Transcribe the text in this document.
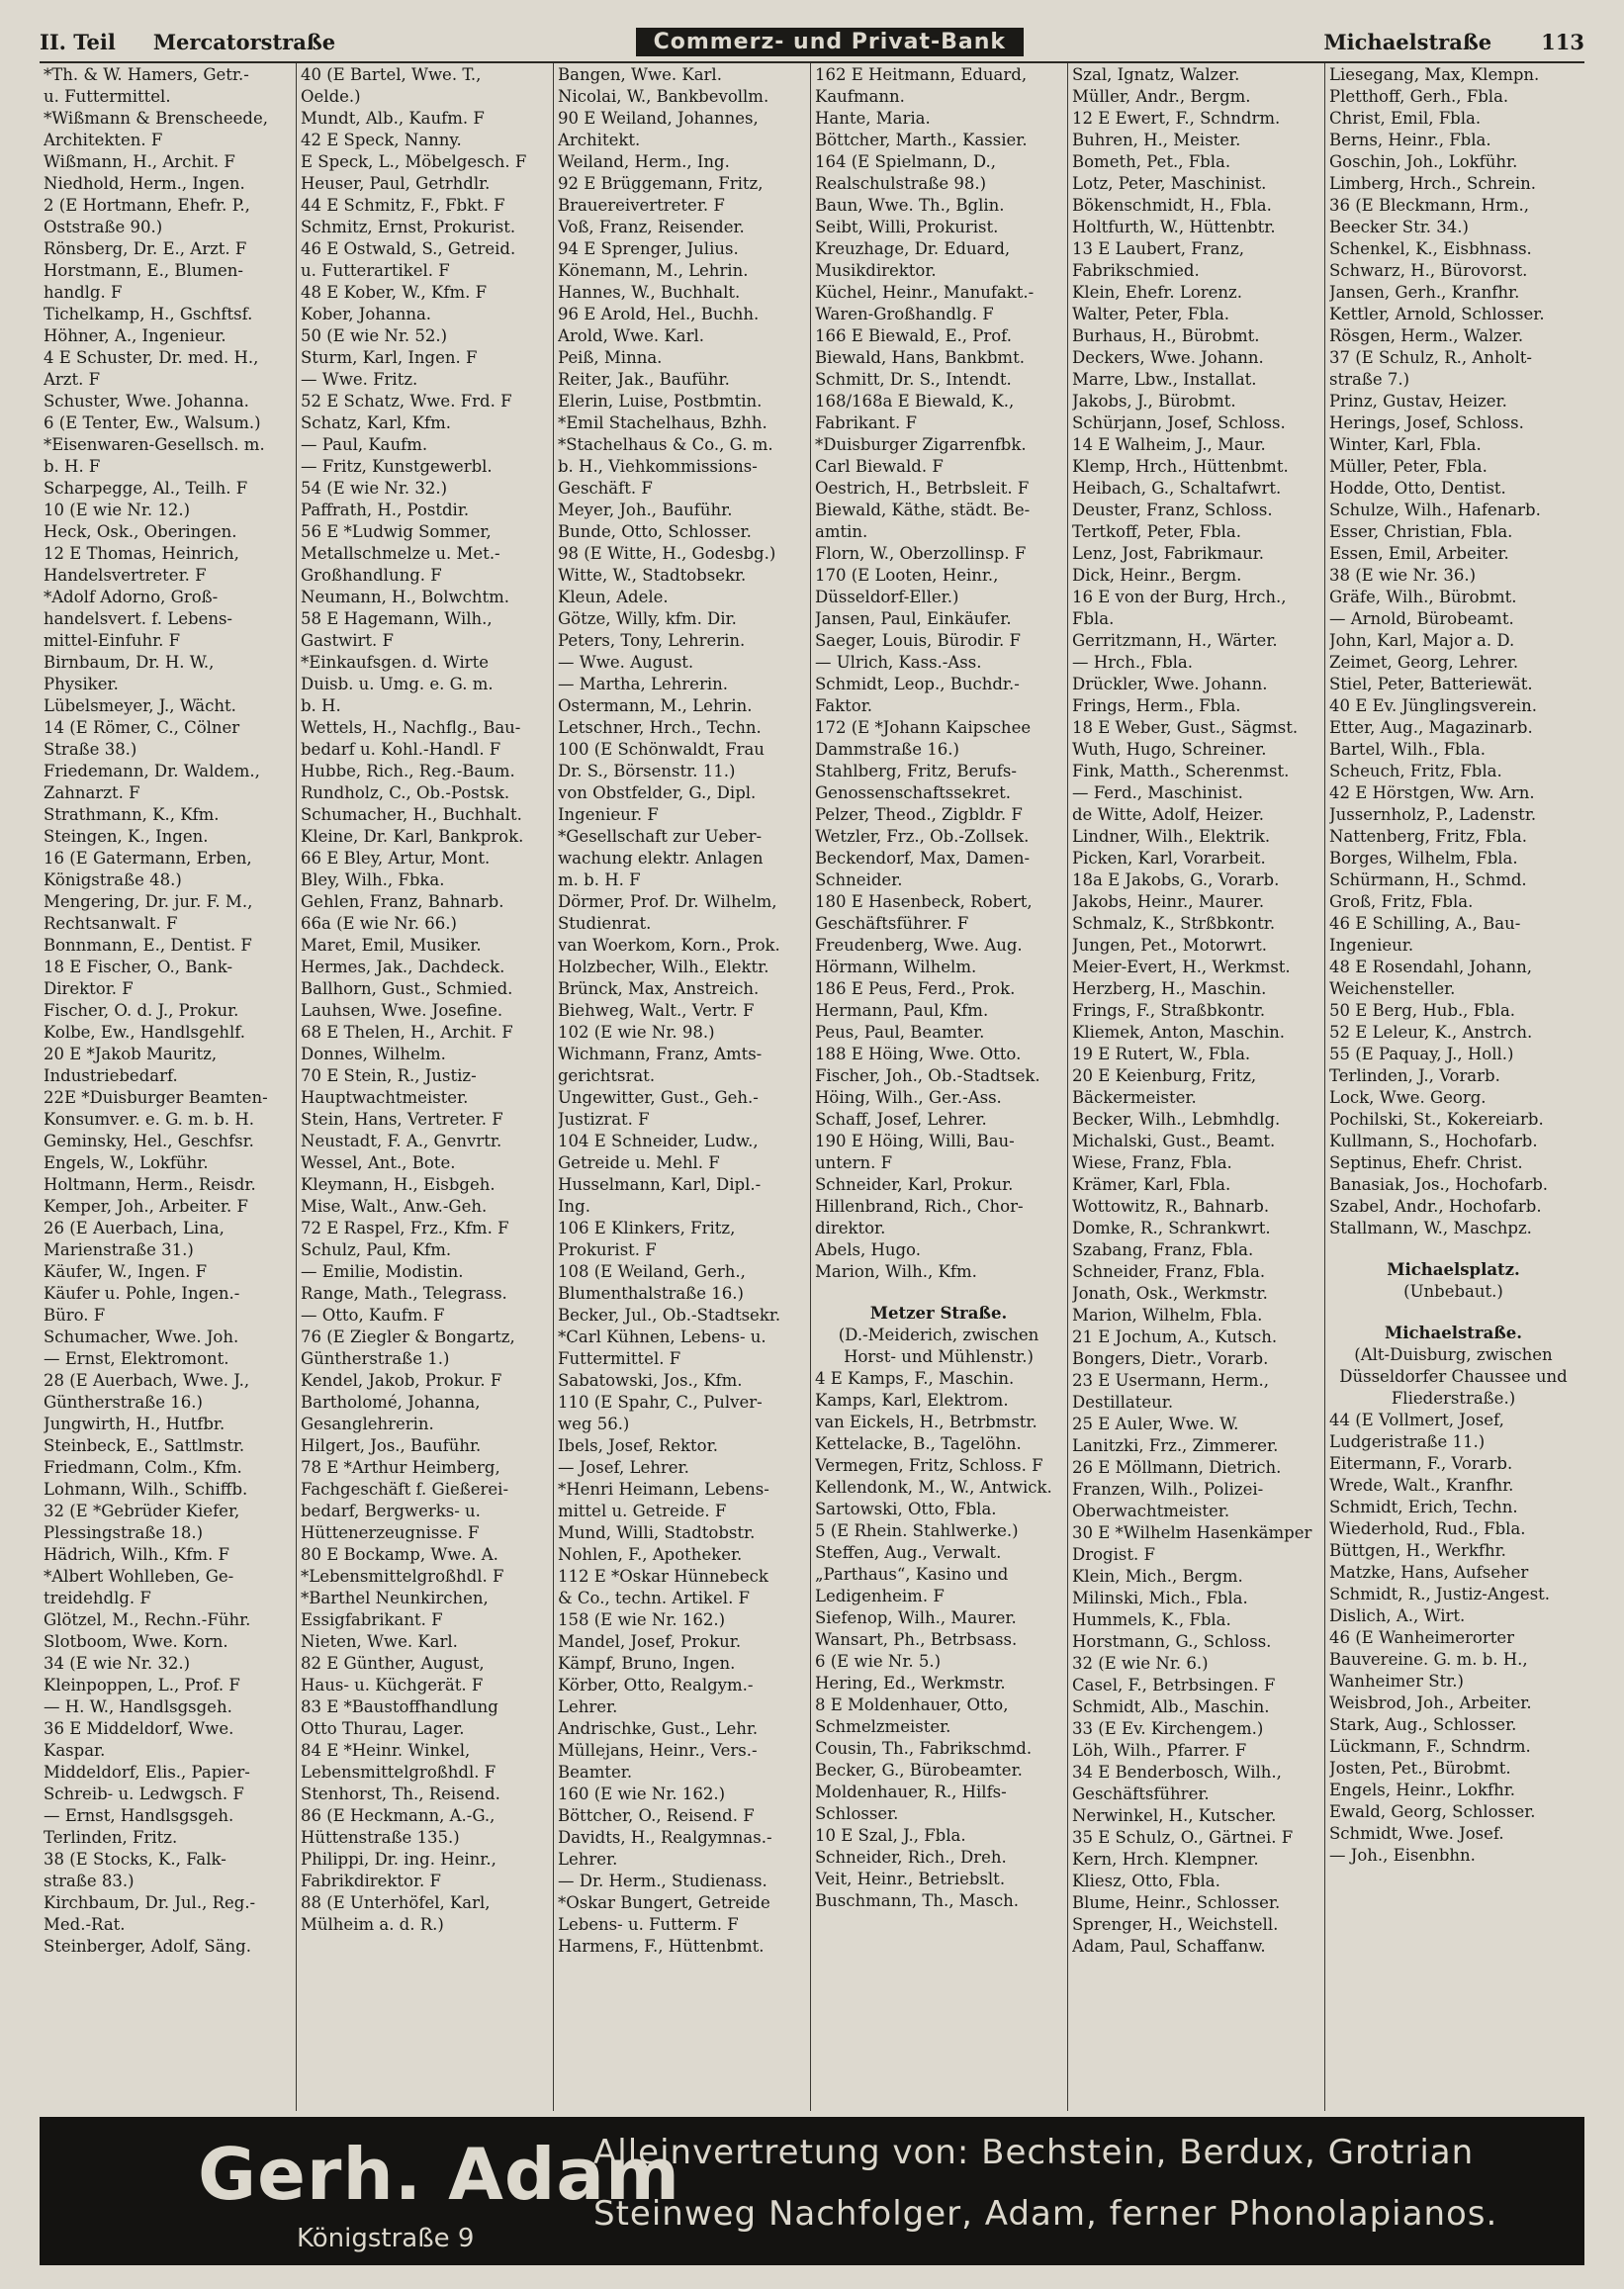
II. Teil Mercatorstraße	Commerz- und Privat-Bank	Michaelstraße 113

*Th. & W. Hamers, Getr.-

u. Futtermittel.

*Wißmann & Brenscheede,

Architekten. F

Wißmann, H., Archit. F

Niedhold, Herm., Ingen.

2 (E Hortmann, Ehefr. P.,

Oststraße 90.)

Rönsberg, Dr. E., Arzt. F

Horstmann, E., Blumen-

handlg. F

Tichelkamp, H., Gschftsf.

Höhner, A., Ingenieur.

4 E Schuster, Dr. med. H.,

Arzt. F

Schuster, Wwe. Johanna.

6 (E Tenter, Ew., Walsum.)

*Eisenwaren-Gesellsch. m.

b. H. F

Scharpegge, Al., Teilh. F

10 (E wie Nr. 12.)

Heck, Osk., Oberingen.

12 E Thomas, Heinrich,

Handelsvertreter. F

*Adolf Adorno, Groß-

handelsvert. f. Lebens-

mittel-Einfuhr. F

Birnbaum, Dr. H. W.,

Physiker.

Lübelsmeyer, J., Wächt.

14 (E Römer, C., Cölner

Straße 38.)

Friedemann, Dr. Waldem.,

Zahnarzt. F

Strathmann, K., Kfm.

Steingen, K., Ingen.

16 (E Gatermann, Erben,

Königstraße 48.)

Mengering, Dr. jur. F. M.,

Rechtsanwalt. F

Bonnmann, E., Dentist. F

18 E Fischer, O., Bank-

Direktor. F

Fischer, O. d. J., Prokur.

Kolbe, Ew., Handlsgehlf.

20 E *Jakob Mauritz,

Industriebedarf.

22E *Duisburger Beamten-

Konsumver. e. G. m. b. H.

Geminsky, Hel., Geschfsr.

Engels, W., Lokführ.

Holtmann, Herm., Reisdr.

Kemper, Joh., Arbeiter. F

26 (E Auerbach, Lina,

Marienstraße 31.)

Käufer, W., Ingen. F

Käufer u. Pohle, Ingen.-

Büro. F

Schumacher, Wwe. Joh.

— Ernst, Elektromont.

28 (E Auerbach, Wwe. J.,

Güntherstraße 16.)

Jungwirth, H., Hutfbr.

Steinbeck, E., Sattlmstr.

Friedmann, Colm., Kfm.

Lohmann, Wilh., Schiffb.

32 (E *Gebrüder Kiefer,

Plessingstraße 18.)

Hädrich, Wilh., Kfm. F

*Albert Wohlleben, Ge-

treidehdlg. F

Glötzel, M., Rechn.-Führ.

Slotboom, Wwe. Korn.

34 (E wie Nr. 32.)

Kleinpoppen, L., Prof. F

— H. W., Handlsgsgeh.

36 E Middeldorf, Wwe.

Kaspar.

Middeldorf, Elis., Papier-

Schreib- u. Ledwgsch. F

— Ernst, Handlsgsgeh.

Terlinden, Fritz.

38 (E Stocks, K., Falk-

straße 83.)

Kirchbaum, Dr. Jul., Reg.-

Med.-Rat.

Steinberger, Adolf, Säng.

40 (E Bartel, Wwe. T.,

Oelde.)

Mundt, Alb., Kaufm. F

42 E Speck, Nanny.

E Speck, L., Möbelgesch. F

Heuser, Paul, Getrhdlr.

44 E Schmitz, F., Fbkt. F

Schmitz, Ernst, Prokurist.

46 E Ostwald, S., Getreid.

u. Futterartikel. F

48 E Kober, W., Kfm. F

Kober, Johanna.

50 (E wie Nr. 52.)

Sturm, Karl, Ingen. F

— Wwe. Fritz.

52 E Schatz, Wwe. Frd. F

Schatz, Karl, Kfm.

— Paul, Kaufm.

— Fritz, Kunstgewerbl.

54 (E wie Nr. 32.)

Paffrath, H., Postdir.

56 E *Ludwig Sommer,

Metallschmelze u. Met.-

Großhandlung. F

Neumann, H., Bolwchtm.

58 E Hagemann, Wilh.,

Gastwirt. F

*Einkaufsgen. d. Wirte

Duisb. u. Umg. e. G. m.

b. H.

Wettels, H., Nachflg., Bau-

bedarf u. Kohl.-Handl. F

Hubbe, Rich., Reg.-Baum.

Rundholz, C., Ob.-Postsk.

Schumacher, H., Buchhalt.

Kleine, Dr. Karl, Bankprok.

66 E Bley, Artur, Mont.

Bley, Wilh., Fbka.

Gehlen, Franz, Bahnarb.

66a (E wie Nr. 66.)

Maret, Emil, Musiker.

Hermes, Jak., Dachdeck.

Ballhorn, Gust., Schmied.

Lauhsen, Wwe. Josefine.

68 E Thelen, H., Archit. F

Donnes, Wilhelm.

70 E Stein, R., Justiz-

Hauptwachtmeister.

Stein, Hans, Vertreter. F

Neustadt, F. A., Genvrtr.

Wessel, Ant., Bote.

Kleymann, H., Eisbgeh.

Mise, Walt., Anw.-Geh.

72 E Raspel, Frz., Kfm. F

Schulz, Paul, Kfm.

— Emilie, Modistin.

Range, Math., Telegrass.

— Otto, Kaufm. F

76 (E Ziegler & Bongartz,

Güntherstraße 1.)

Kendel, Jakob, Prokur. F

Bartholomé, Johanna,

Gesanglehrerin.

Hilgert, Jos., Bauführ.

78 E *Arthur Heimberg,

Fachgeschäft f. Gießerei-

bedarf, Bergwerks- u.

Hüttenerzeugnisse. F

80 E Bockamp, Wwe. A.

*Lebensmittelgroßhdl. F

*Barthel Neunkirchen,

Essigfabrikant. F

Nieten, Wwe. Karl.

82 E Günther, August,

Haus- u. Küchgerät. F

83 E *Baustoffhandlung

Otto Thurau, Lager.

84 E *Heinr. Winkel,

Lebensmittelgroßhdl. F

Stenhorst, Th., Reisend.

86 (E Heckmann, A.-G.,

Hüttenstraße 135.)

Philippi, Dr. ing. Heinr.,

Fabrikdirektor. F

88 (E Unterhöfel, Karl,

Mülheim a. d. R.)

Bangen, Wwe. Karl.

Nicolai, W., Bankbevollm.

90 E Weiland, Johannes,

Architekt.

Weiland, Herm., Ing.

92 E Brüggemann, Fritz,

Brauereivertreter. F

Voß, Franz, Reisender.

94 E Sprenger, Julius.

Könemann, M., Lehrin.

Hannes, W., Buchhalt.

96 E Arold, Hel., Buchh.

Arold, Wwe. Karl.

Peiß, Minna.

Reiter, Jak., Bauführ.

Elerin, Luise, Postbmtin.

*Emil Stachelhaus, Bzhh.

*Stachelhaus & Co., G. m.

b. H., Viehkommissions-

Geschäft. F

Meyer, Joh., Bauführ.

Bunde, Otto, Schlosser.

98 (E Witte, H., Godesbg.)

Witte, W., Stadtobsekr.

Kleun, Adele.

Götze, Willy, kfm. Dir.

Peters, Tony, Lehrerin.

— Wwe. August.

— Martha, Lehrerin.

Ostermann, M., Lehrin.

Letschner, Hrch., Techn.

100 (E Schönwaldt, Frau

Dr. S., Börsenstr. 11.)

von Obstfelder, G., Dipl.

Ingenieur. F

*Gesellschaft zur Ueber-

wachung elektr. Anlagen

m. b. H. F

Dörmer, Prof. Dr. Wilhelm,

Studienrat.

van Woerkom, Korn., Prok.

Holzbecher, Wilh., Elektr.

Brünck, Max, Anstreich.

Biehweg, Walt., Vertr. F

102 (E wie Nr. 98.)

Wichmann, Franz, Amts-

gerichtsrat.

Ungewitter, Gust., Geh.-

Justizrat. F

104 E Schneider, Ludw.,

Getreide u. Mehl. F

Husselmann, Karl, Dipl.-

Ing.

106 E Klinkers, Fritz,

Prokurist. F

108 (E Weiland, Gerh.,

Blumenthalstraße 16.)

Becker, Jul., Ob.-Stadtsekr.

*Carl Kühnen, Lebens- u.

Futtermittel. F

Sabatowski, Jos., Kfm.

110 (E Spahr, C., Pulver-

weg 56.)

Ibels, Josef, Rektor.

— Josef, Lehrer.

*Henri Heimann, Lebens-

mittel u. Getreide. F

Mund, Willi, Stadtobstr.

Nohlen, F., Apotheker.

112 E *Oskar Hünnebeck

& Co., techn. Artikel. F

158 (E wie Nr. 162.)

Mandel, Josef, Prokur.

Kämpf, Bruno, Ingen.

Körber, Otto, Realgym.-

Lehrer.

Andrischke, Gust., Lehr.

Müllejans, Heinr., Vers.-

Beamter.

160 (E wie Nr. 162.)

Böttcher, O., Reisend. F

Davidts, H., Realgymnas.-

Lehrer.

— Dr. Herm., Studienass.

*Oskar Bungert, Getreide

Lebens- u. Futterm. F

Harmens, F., Hüttenbmt.

162 E Heitmann, Eduard,

Kaufmann.

Hante, Maria.

Böttcher, Marth., Kassier.

164 (E Spielmann, D.,

Realschulstraße 98.)

Baun, Wwe. Th., Bglin.

Seibt, Willi, Prokurist.

Kreuzhage, Dr. Eduard,

Musikdirektor.

Küchel, Heinr., Manufakt.-

Waren-Großhandlg. F

166 E Biewald, E., Prof.

Biewald, Hans, Bankbmt.

Schmitt, Dr. S., Intendt.

168/168a E Biewald, K.,

Fabrikant. F

*Duisburger Zigarrenfbk.

Carl Biewald. F

Oestrich, H., Betrbsleit. F

Biewald, Käthe, städt. Be-

amtin.

Florn, W., Oberzollinsp. F

170 (E Looten, Heinr.,

Düsseldorf-Eller.)

Jansen, Paul, Einkäufer.

Saeger, Louis, Bürodir. F

— Ulrich, Kass.-Ass.

Schmidt, Leop., Buchdr.-

Faktor.

172 (E *Johann Kaipschee

Dammstraße 16.)

Stahlberg, Fritz, Berufs-

Genossenschaftssekret.

Pelzer, Theod., Zigbldr. F

Wetzler, Frz., Ob.-Zollsek.

Beckendorf, Max, Damen-

Schneider.

180 E Hasenbeck, Robert,

Geschäftsführer. F

Freudenberg, Wwe. Aug.

Hörmann, Wilhelm.

186 E Peus, Ferd., Prok.

Hermann, Paul, Kfm.

Peus, Paul, Beamter.

188 E Höing, Wwe. Otto.

Fischer, Joh., Ob.-Stadtsek.

Höing, Wilh., Ger.-Ass.

Schaff, Josef, Lehrer.

190 E Höing, Willi, Bau-

untern. F

Schneider, Karl, Prokur.

Hillenbrand, Rich., Chor-

direktor.

Abels, Hugo.

Marion, Wilh., Kfm.

Metzer Straße.

(D.-Meiderich, zwischen

Horst- und Mühlenstr.)

4 E Kamps, F., Maschin.

Kamps, Karl, Elektrom.

van Eickels, H., Betrbmstr.

Kettelacke, B., Tagelöhn.

Vermegen, Fritz, Schloss. F

Kellendonk, M., W., Antwick.

Sartowski, Otto, Fbla.

5 (E Rhein. Stahlwerke.)

Steffen, Aug., Verwalt.

„Parthaus“, Kasino und

Ledigenheim. F

Siefenop, Wilh., Maurer.

Wansart, Ph., Betrbsass.

6 (E wie Nr. 5.)

Hering, Ed., Werkmstr.

8 E Moldenhauer, Otto,

Schmelzmeister.

Cousin, Th., Fabrikschmd.

Becker, G., Bürobeamter.

Moldenhauer, R., Hilfs-

Schlosser.

10 E Szal, J., Fbla.

Schneider, Rich., Dreh.

Veit, Heinr., Betriebslt.

Buschmann, Th., Masch.

Szal, Ignatz, Walzer.

Müller, Andr., Bergm.

12 E Ewert, F., Schndrm.

Buhren, H., Meister.

Bometh, Pet., Fbla.

Lotz, Peter, Maschinist.

Bökenschmidt, H., Fbla.

Holtfurth, W., Hüttenbtr.

13 E Laubert, Franz,

Fabrikschmied.

Klein, Ehefr. Lorenz.

Walter, Peter, Fbla.

Burhaus, H., Bürobmt.

Deckers, Wwe. Johann.

Marre, Lbw., Installat.

Jakobs, J., Bürobmt.

Schürjann, Josef, Schloss.

14 E Walheim, J., Maur.

Klemp, Hrch., Hüttenbmt.

Heibach, G., Schaltafwrt.

Deuster, Franz, Schloss.

Tertkoff, Peter, Fbla.

Lenz, Jost, Fabrikmaur.

Dick, Heinr., Bergm.

16 E von der Burg, Hrch.,

Fbla.

Gerritzmann, H., Wärter.

— Hrch., Fbla.

Drückler, Wwe. Johann.

Frings, Herm., Fbla.

18 E Weber, Gust., Sägmst.

Wuth, Hugo, Schreiner.

Fink, Matth., Scherenmst.

— Ferd., Maschinist.

de Witte, Adolf, Heizer.

Lindner, Wilh., Elektrik.

Picken, Karl, Vorarbeit.

18a E Jakobs, G., Vorarb.

Jakobs, Heinr., Maurer.

Schmalz, K., Strßbkontr.

Jungen, Pet., Motorwrt.

Meier-Evert, H., Werkmst.

Herzberg, H., Maschin.

Frings, F., Straßbkontr.

Kliemek, Anton, Maschin.

19 E Rutert, W., Fbla.

20 E Keienburg, Fritz,

Bäckermeister.

Becker, Wilh., Lebmhdlg.

Michalski, Gust., Beamt.

Wiese, Franz, Fbla.

Krämer, Karl, Fbla.

Wottowitz, R., Bahnarb.

Domke, R., Schrankwrt.

Szabang, Franz, Fbla.

Schneider, Franz, Fbla.

Jonath, Osk., Werkmstr.

Marion, Wilhelm, Fbla.

21 E Jochum, A., Kutsch.

Bongers, Dietr., Vorarb.

23 E Usermann, Herm.,

Destillateur.

25 E Auler, Wwe. W.

Lanitzki, Frz., Zimmerer.

26 E Möllmann, Dietrich.

Franzen, Wilh., Polizei-

Oberwachtmeister.

30 E *Wilhelm Hasenkämper

Drogist. F

Klein, Mich., Bergm.

Milinski, Mich., Fbla.

Hummels, K., Fbla.

Horstmann, G., Schloss.

32 (E wie Nr. 6.)

Casel, F., Betrbsingen. F

Schmidt, Alb., Maschin.

33 (E Ev. Kirchengem.)

Löh, Wilh., Pfarrer. F

34 E Benderbosch, Wilh.,

Geschäftsführer.

Nerwinkel, H., Kutscher.

35 E Schulz, O., Gärtnei. F

Kern, Hrch. Klempner.

Kliesz, Otto, Fbla.

Blume, Heinr., Schlosser.

Sprenger, H., Weichstell.

Adam, Paul, Schaffanw.

Liesegang, Max, Klempn.

Pletthoff, Gerh., Fbla.

Christ, Emil, Fbla.

Berns, Heinr., Fbla.

Goschin, Joh., Lokführ.

Limberg, Hrch., Schrein.

36 (E Bleckmann, Hrm.,

Beecker Str. 34.)

Schenkel, K., Eisbhnass.

Schwarz, H., Bürovorst.

Jansen, Gerh., Kranfhr.

Kettler, Arnold, Schlosser.

Rösgen, Herm., Walzer.

37 (E Schulz, R., Anholt-

straße 7.)

Prinz, Gustav, Heizer.

Herings, Josef, Schloss.

Winter, Karl, Fbla.

Müller, Peter, Fbla.

Hodde, Otto, Dentist.

Schulze, Wilh., Hafenarb.

Esser, Christian, Fbla.

Essen, Emil, Arbeiter.

38 (E wie Nr. 36.)

Gräfe, Wilh., Bürobmt.

— Arnold, Bürobeamt.

John, Karl, Major a. D.

Zeimet, Georg, Lehrer.

Stiel, Peter, Batteriewät.

40 E Ev. Jünglingsverein.

Etter, Aug., Magazinarb.

Bartel, Wilh., Fbla.

Scheuch, Fritz, Fbla.

42 E Hörstgen, Ww. Arn.

Jussernholz, P., Ladenstr.

Nattenberg, Fritz, Fbla.

Borges, Wilhelm, Fbla.

Schürmann, H., Schmd.

Groß, Fritz, Fbla.

46 E Schilling, A., Bau-

Ingenieur.

48 E Rosendahl, Johann,

Weichensteller.

50 E Berg, Hub., Fbla.

52 E Leleur, K., Anstrch.

55 (E Paquay, J., Holl.)

Terlinden, J., Vorarb.

Lock, Wwe. Georg.

Pochilski, St., Kokereiarb.

Kullmann, S., Hochofarb.

Septinus, Ehefr. Christ.

Banasiak, Jos., Hochofarb.

Szabel, Andr., Hochofarb.

Stallmann, W., Maschpz.

Michaelsplatz.

(Unbebaut.)

Michaelstraße.

(Alt-Duisburg, zwischen

Düsseldorfer Chaussee und

Fliederstraße.)

44 (E Vollmert, Josef,

Ludgeristraße 11.)

Eitermann, F., Vorarb.

Wrede, Walt., Kranfhr.

Schmidt, Erich, Techn.

Wiederhold, Rud., Fbla.

Büttgen, H., Werkfhr.

Matzke, Hans, Aufseher

Schmidt, R., Justiz-Angest.

Dislich, A., Wirt.

46 (E Wanheimerorter

Bauvereine. G. m. b. H.,

Wanheimer Str.)

Weisbrod, Joh., Arbeiter.

Stark, Aug., Schlosser.

Lückmann, F., Schndrm.

Josten, Pet., Bürobmt.

Engels, Heinr., Lokfhr.

Ewald, Georg, Schlosser.

Schmidt, Wwe. Josef.

— Joh., Eisenbhn.

Gerh. Adam
Königstraße 9
Alleinvertretung von: Bechstein, Berdux, Grotrian
Steinweg Nachfolger, Adam, ferner Phonolapianos.
